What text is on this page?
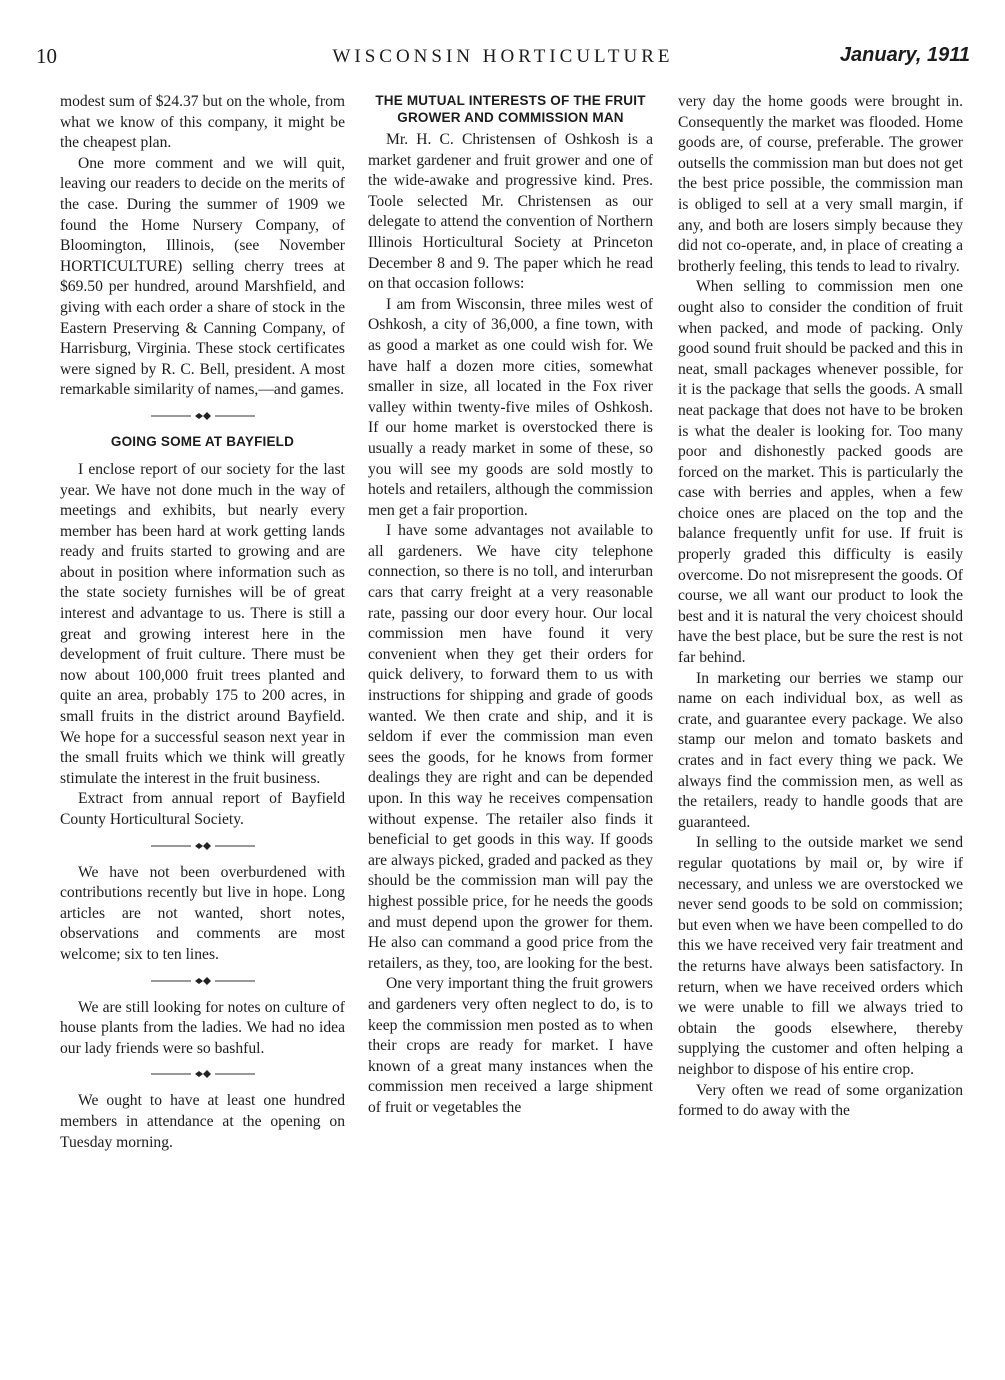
10	WISCONSIN HORTICULTURE	January, 1911

modest sum of $24.37 but on the whole, from what we know of this company, it might be the cheapest plan.

One more comment and we will quit, leaving our readers to decide on the merits of the case. During the summer of 1909 we found the Home Nursery Company, of Bloomington, Illinois, (see November HORTICULTURE) selling cherry trees at $69.50 per hundred, around Marshfield, and giving with each order a share of stock in the Eastern Preserving & Canning Company, of Harrisburg, Virginia. These stock certificates were signed by R. C. Bell, president. A most remarkable similarity of names,—and games.

GOING SOME AT BAYFIELD

I enclose report of our society for the last year. We have not done much in the way of meetings and exhibits, but nearly every member has been hard at work getting lands ready and fruits started to growing and are about in position where information such as the state society furnishes will be of great interest and advantage to us. There is still a great and growing interest here in the development of fruit culture. There must be now about 100,000 fruit trees planted and quite an area, probably 175 to 200 acres, in small fruits in the district around Bayfield. We hope for a successful season next year in the small fruits which we think will greatly stimulate the interest in the fruit business.

Extract from annual report of Bayfield County Horticultural Society.

We have not been overburdened with contributions recently but live in hope. Long articles are not wanted, short notes, observations and comments are most welcome; six to ten lines.

We are still looking for notes on culture of house plants from the ladies. We had no idea our lady friends were so bashful.

We ought to have at least one hundred members in attendance at the opening on Tuesday morning.

THE MUTUAL INTERESTS OF THE FRUIT GROWER AND COMMISSION MAN

Mr. H. C. Christensen of Oshkosh is a market gardener and fruit grower and one of the wide-awake and progressive kind. Pres. Toole selected Mr. Christensen as our delegate to attend the convention of Northern Illinois Horticultural Society at Princeton December 8 and 9. The paper which he read on that occasion follows:

I am from Wisconsin, three miles west of Oshkosh, a city of 36,000, a fine town, with as good a market as one could wish for. We have half a dozen more cities, somewhat smaller in size, all located in the Fox river valley within twenty-five miles of Oshkosh. If our home market is overstocked there is usually a ready market in some of these, so you will see my goods are sold mostly to hotels and retailers, although the commission men get a fair proportion.

I have some advantages not available to all gardeners. We have city telephone connection, so there is no toll, and interurban cars that carry freight at a very reasonable rate, passing our door every hour. Our local commission men have found it very convenient when they get their orders for quick delivery, to forward them to us with instructions for shipping and grade of goods wanted. We then crate and ship, and it is seldom if ever the commission man even sees the goods, for he knows from former dealings they are right and can be depended upon. In this way he receives compensation without expense. The retailer also finds it beneficial to get goods in this way. If goods are always picked, graded and packed as they should be the commission man will pay the highest possible price, for he needs the goods and must depend upon the grower for them. He also can command a good price from the retailers, as they, too, are looking for the best.

One very important thing the fruit growers and gardeners very often neglect to do, is to keep the commission men posted as to when their crops are ready for market. I have known of a great many instances when the commission men received a large shipment of fruit or vegetables the

very day the home goods were brought in. Consequently the market was flooded. Home goods are, of course, preferable. The grower outsells the commission man but does not get the best price possible, the commission man is obliged to sell at a very small margin, if any, and both are losers simply because they did not co-operate, and, in place of creating a brotherly feeling, this tends to lead to rivalry.

When selling to commission men one ought also to consider the condition of fruit when packed, and mode of packing. Only good sound fruit should be packed and this in neat, small packages whenever possible, for it is the package that sells the goods. A small neat package that does not have to be broken is what the dealer is looking for. Too many poor and dishonestly packed goods are forced on the market. This is particularly the case with berries and apples, when a few choice ones are placed on the top and the balance frequently unfit for use. If fruit is properly graded this difficulty is easily overcome. Do not misrepresent the goods. Of course, we all want our product to look the best and it is natural the very choicest should have the best place, but be sure the rest is not far behind.

In marketing our berries we stamp our name on each individual box, as well as crate, and guarantee every package. We also stamp our melon and tomato baskets and crates and in fact every thing we pack. We always find the commission men, as well as the retailers, ready to handle goods that are guaranteed.

In selling to the outside market we send regular quotations by mail or, by wire if necessary, and unless we are overstocked we never send goods to be sold on commission; but even when we have been compelled to do this we have received very fair treatment and the returns have always been satisfactory. In return, when we have received orders which we were unable to fill we always tried to obtain the goods elsewhere, thereby supplying the customer and often helping a neighbor to dispose of his entire crop.

Very often we read of some organization formed to do away with the
